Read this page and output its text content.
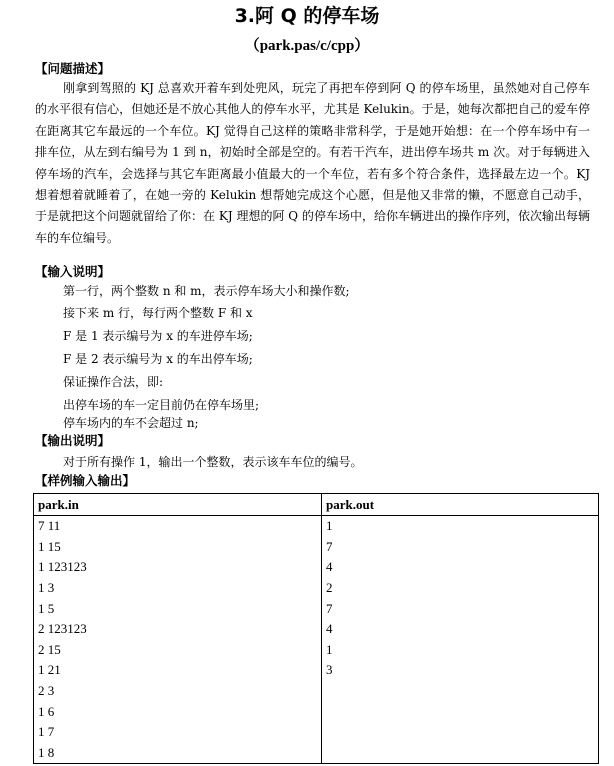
3.阿 Q 的停车场
（park.pas/c/cpp）
【问题描述】
刚拿到驾照的 KJ 总喜欢开着车到处兜风，玩完了再把车停到阿 Q 的停车场里，虽然她对自己停车的水平很有信心，但她还是不放心其他人的停车水平，尤其是 Kelukin。于是，她每次都把自己的爱车停在距离其它车最远的一个车位。KJ 觉得自己这样的策略非常科学，于是她开始想：在一个停车场中有一排车位，从左到右编号为 1 到 n，初始时全部是空的。有若干汽车，进出停车场共 m 次。对于每辆进入停车场的汽车，会选择与其它车距离最小值最大的一个车位，若有多个符合条件，选择最左边一个。KJ 想着想着就睡着了，在她一旁的 Kelukin 想帮她完成这个心愿，但是他又非常的懒，不愿意自己动手，于是就把这个问题就留给了你：在 KJ 理想的阿 Q 的停车场中，给你车辆进出的操作序列，依次输出每辆车的车位编号。
【输入说明】
第一行，两个整数 n 和 m，表示停车场大小和操作数;
接下来 m 行，每行两个整数 F 和 x
F 是 1 表示编号为 x 的车进停车场;
F 是 2 表示编号为 x 的车出停车场;
保证操作合法，即:
出停车场的车一定目前仍在停车场里;
停车场内的车不会超过 n;
【输出说明】
对于所有操作 1，输出一个整数，表示该车车位的编号。
【样例输入输出】
park.in	park.out
7 11	1
1 15	7
1 123123	4
1 3	2
1 5	7
2 123123	4
2 15	1
1 21	3
2 3	
1 6	
1 7	
1 8	
